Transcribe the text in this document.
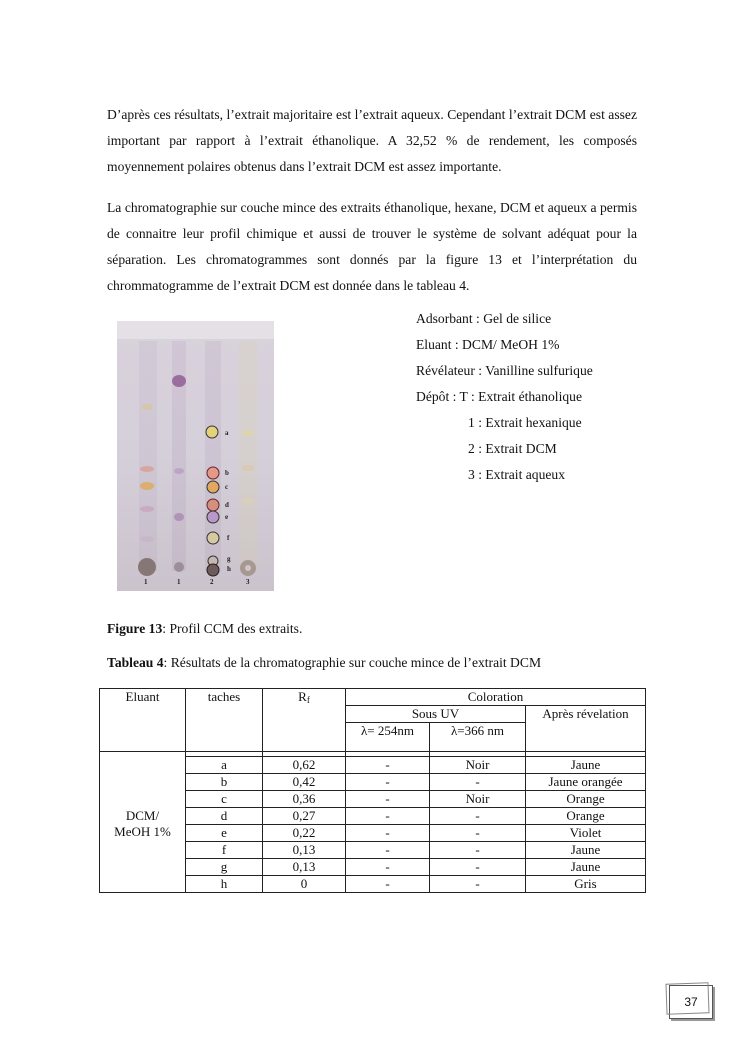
D’après ces résultats, l’extrait majoritaire est l’extrait aqueux. Cependant l’extrait DCM est assez important par rapport à l’extrait éthanolique. A 32,52 % de rendement, les composés moyennement polaires obtenus dans l’extrait DCM est assez importante.

La chromatographie sur couche mince des extraits éthanolique, hexane, DCM et aqueux a permis de connaitre leur profil chimique et aussi de trouver le système de solvant adéquat pour la séparation. Les chromatogrammes sont donnés par la figure 13 et l’interprétation du chrommatogramme de l’extrait DCM est donnée dans le tableau 4.

a
b
c
d
e
f
g
h
1	1	2	3
Adsorbant : Gel de silice
Eluant : DCM/ MeOH 1%
Révélateur : Vanilline sulfurique
Dépôt : T : Extrait éthanolique
1 : Extrait hexanique
2 : Extrait DCM
3 : Extrait aqueux
Figure 13: Profil CCM des extraits.
Tableau 4: Résultats de la chromatographie sur couche mince de l’extrait DCM
Eluant	taches	$R_f$	Coloration		
			Sous UV		Après révelation
			λ= 254nm	λ=366 nm	

DCM/
MeOH 1%	a	0,62	-	Noir	Jaune
	b	0,42	-	-	Jaune orangée
	c	0,36	-	Noir	Orange
	d	0,27	-	-	Orange
	e	0,22	-	-	Violet
	f	0,13	-	-	Jaune
	g	0,13	-	-	Jaune
	h	0	-	-	Gris
37
